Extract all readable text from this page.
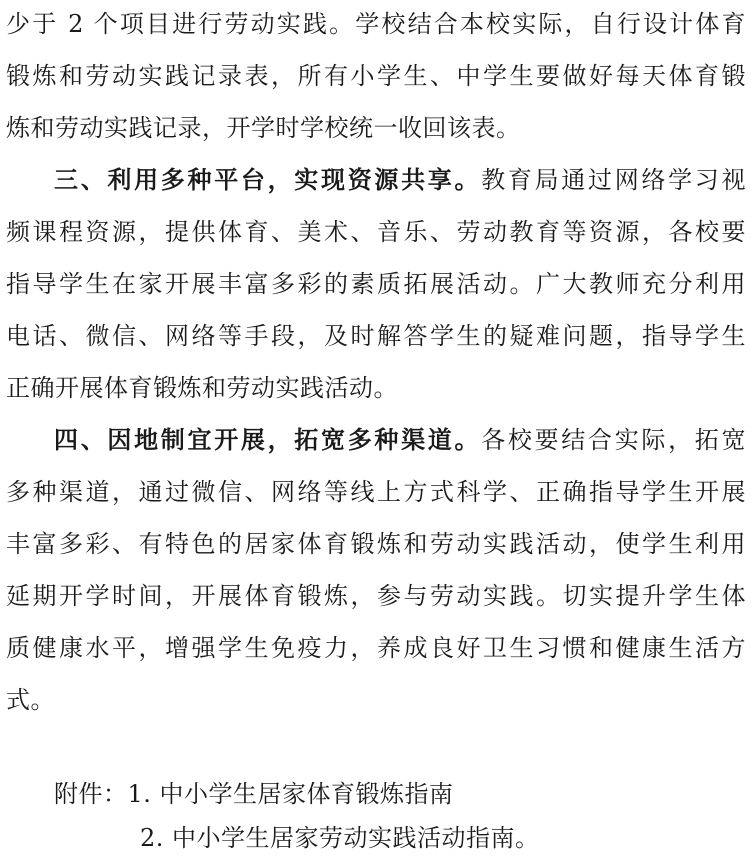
少于 2 个项目进行劳动实践。学校结合本校实际，自行设计体育
锻炼和劳动实践记录表，所有小学生、中学生要做好每天体育锻
炼和劳动实践记录，开学时学校统一收回该表。
三、利用多种平台，实现资源共享。教育局通过网络学习视
频课程资源，提供体育、美术、音乐、劳动教育等资源，各校要
指导学生在家开展丰富多彩的素质拓展活动。广大教师充分利用
电话、微信、网络等手段，及时解答学生的疑难问题，指导学生
正确开展体育锻炼和劳动实践活动。
四、因地制宜开展，拓宽多种渠道。各校要结合实际，拓宽
多种渠道，通过微信、网络等线上方式科学、正确指导学生开展
丰富多彩、有特色的居家体育锻炼和劳动实践活动，使学生利用
延期开学时间，开展体育锻炼，参与劳动实践。切实提升学生体
质健康水平，增强学生免疫力，养成良好卫生习惯和健康生活方
式。
附件：1. 中小学生居家体育锻炼指南
2. 中小学生居家劳动实践活动指南。
